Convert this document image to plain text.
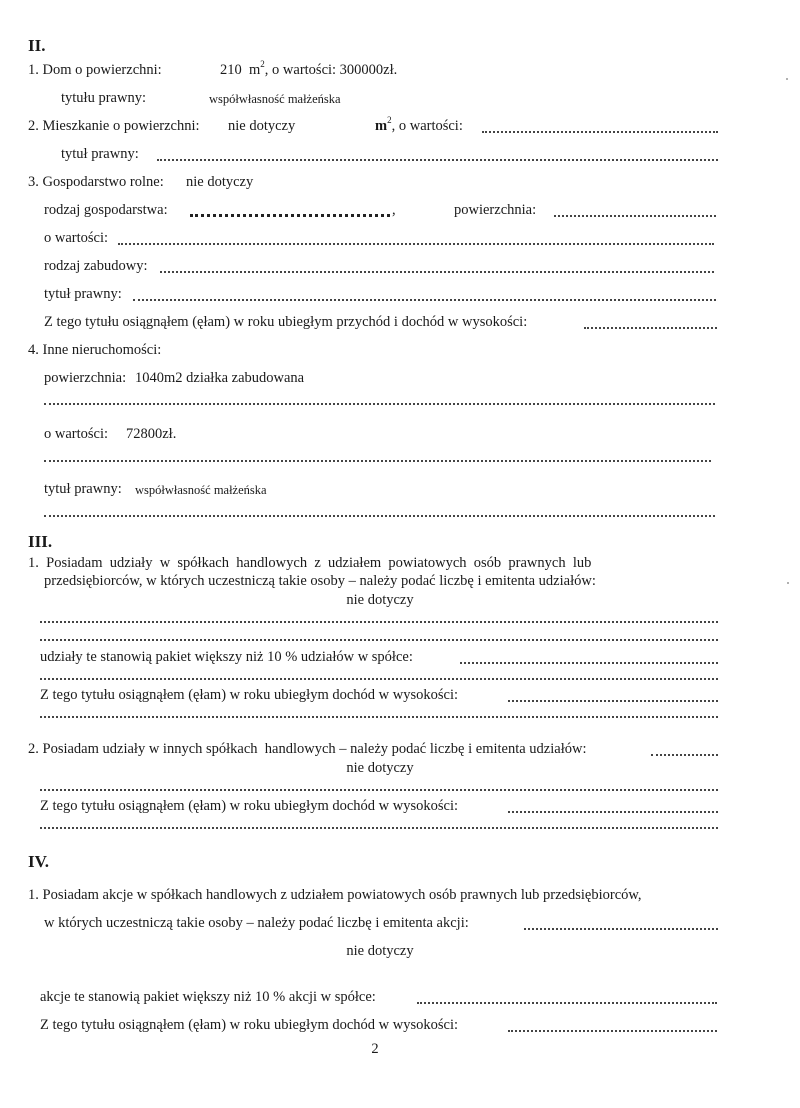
II.
1. Dom o powierzchni:	210 $m^2$, o wartości: 300000zł.
tytułu prawny:	współwłasność małżeńska
2. Mieszkanie o powierzchni: nie dotyczy	$m^2$, o wartości:
tytuł prawny:
3. Gospodarstwo rolne: nie dotyczy
rodzaj gospodarstwa:	,	powierzchnia:
o wartości:
rodzaj zabudowy:
tytuł prawny:
Z tego tytułu osiągnąłem (ęłam) w roku ubiegłym przychód i dochód w wysokości:
4. Inne nieruchomości:
powierzchnia: 1040m2 działka zabudowana
o wartości: 72800zł.
tytuł prawny: współwłasność małżeńska
III.
1.  Posiadam  udziały  w  spółkach  handlowych  z  udziałem  powiatowych  osób  prawnych  lub
przedsiębiorców, w których uczestniczą takie osoby – należy podać liczbę i emitenta udziałów:
nie dotyczy
udziały te stanowią pakiet większy niż 10 % udziałów w spółce:
Z tego tytułu osiągnąłem (ęłam) w roku ubiegłym dochód w wysokości:
2. Posiadam udziały w innych spółkach  handlowych – należy podać liczbę i emitenta udziałów:
nie dotyczy
Z tego tytułu osiągnąłem (ęłam) w roku ubiegłym dochód w wysokości:
IV.
1. Posiadam akcje w spółkach handlowych z udziałem powiatowych osób prawnych lub przedsiębiorców,
w których uczestniczą takie osoby – należy podać liczbę i emitenta akcji:
nie dotyczy
akcje te stanowią pakiet większy niż 10 % akcji w spółce:
Z tego tytułu osiągnąłem (ęłam) w roku ubiegłym dochód w wysokości:
2
